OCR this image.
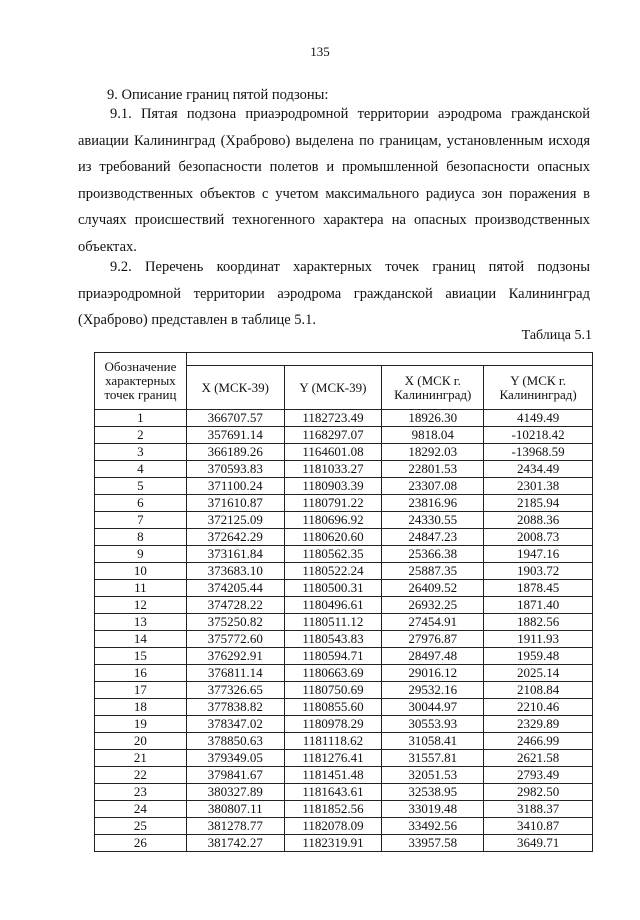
135
9. Описание границ пятой подзоны:
9.1. Пятая подзона приаэродромной территории аэродрома гражданской авиации Калининград (Храброво) выделена по границам, установленным исходя из требований безопасности полетов и промышленной безопасности опасных производственных объектов с учетом максимального радиуса зон поражения в случаях происшествий техногенного характера на опасных производственных объектах.
9.2. Перечень координат характерных точек границ пятой подзоны приаэродромной территории аэродрома гражданской авиации Калининград (Храброво) представлен в таблице 5.1.
Таблица 5.1
Обозначение характерных точек границ				
	X (МСК-39)	Y (МСК-39)	X (МСК г. Калининград)	Y (МСК г. Калининград)
1	366707.57	1182723.49	18926.30	4149.49
2	357691.14	1168297.07	9818.04	-10218.42
3	366189.26	1164601.08	18292.03	-13968.59
4	370593.83	1181033.27	22801.53	2434.49
5	371100.24	1180903.39	23307.08	2301.38
6	371610.87	1180791.22	23816.96	2185.94
7	372125.09	1180696.92	24330.55	2088.36
8	372642.29	1180620.60	24847.23	2008.73
9	373161.84	1180562.35	25366.38	1947.16
10	373683.10	1180522.24	25887.35	1903.72
11	374205.44	1180500.31	26409.52	1878.45
12	374728.22	1180496.61	26932.25	1871.40
13	375250.82	1180511.12	27454.91	1882.56
14	375772.60	1180543.83	27976.87	1911.93
15	376292.91	1180594.71	28497.48	1959.48
16	376811.14	1180663.69	29016.12	2025.14
17	377326.65	1180750.69	29532.16	2108.84
18	377838.82	1180855.60	30044.97	2210.46
19	378347.02	1180978.29	30553.93	2329.89
20	378850.63	1181118.62	31058.41	2466.99
21	379349.05	1181276.41	31557.81	2621.58
22	379841.67	1181451.48	32051.53	2793.49
23	380327.89	1181643.61	32538.95	2982.50
24	380807.11	1181852.56	33019.48	3188.37
25	381278.77	1182078.09	33492.56	3410.87
26	381742.27	1182319.91	33957.58	3649.71
